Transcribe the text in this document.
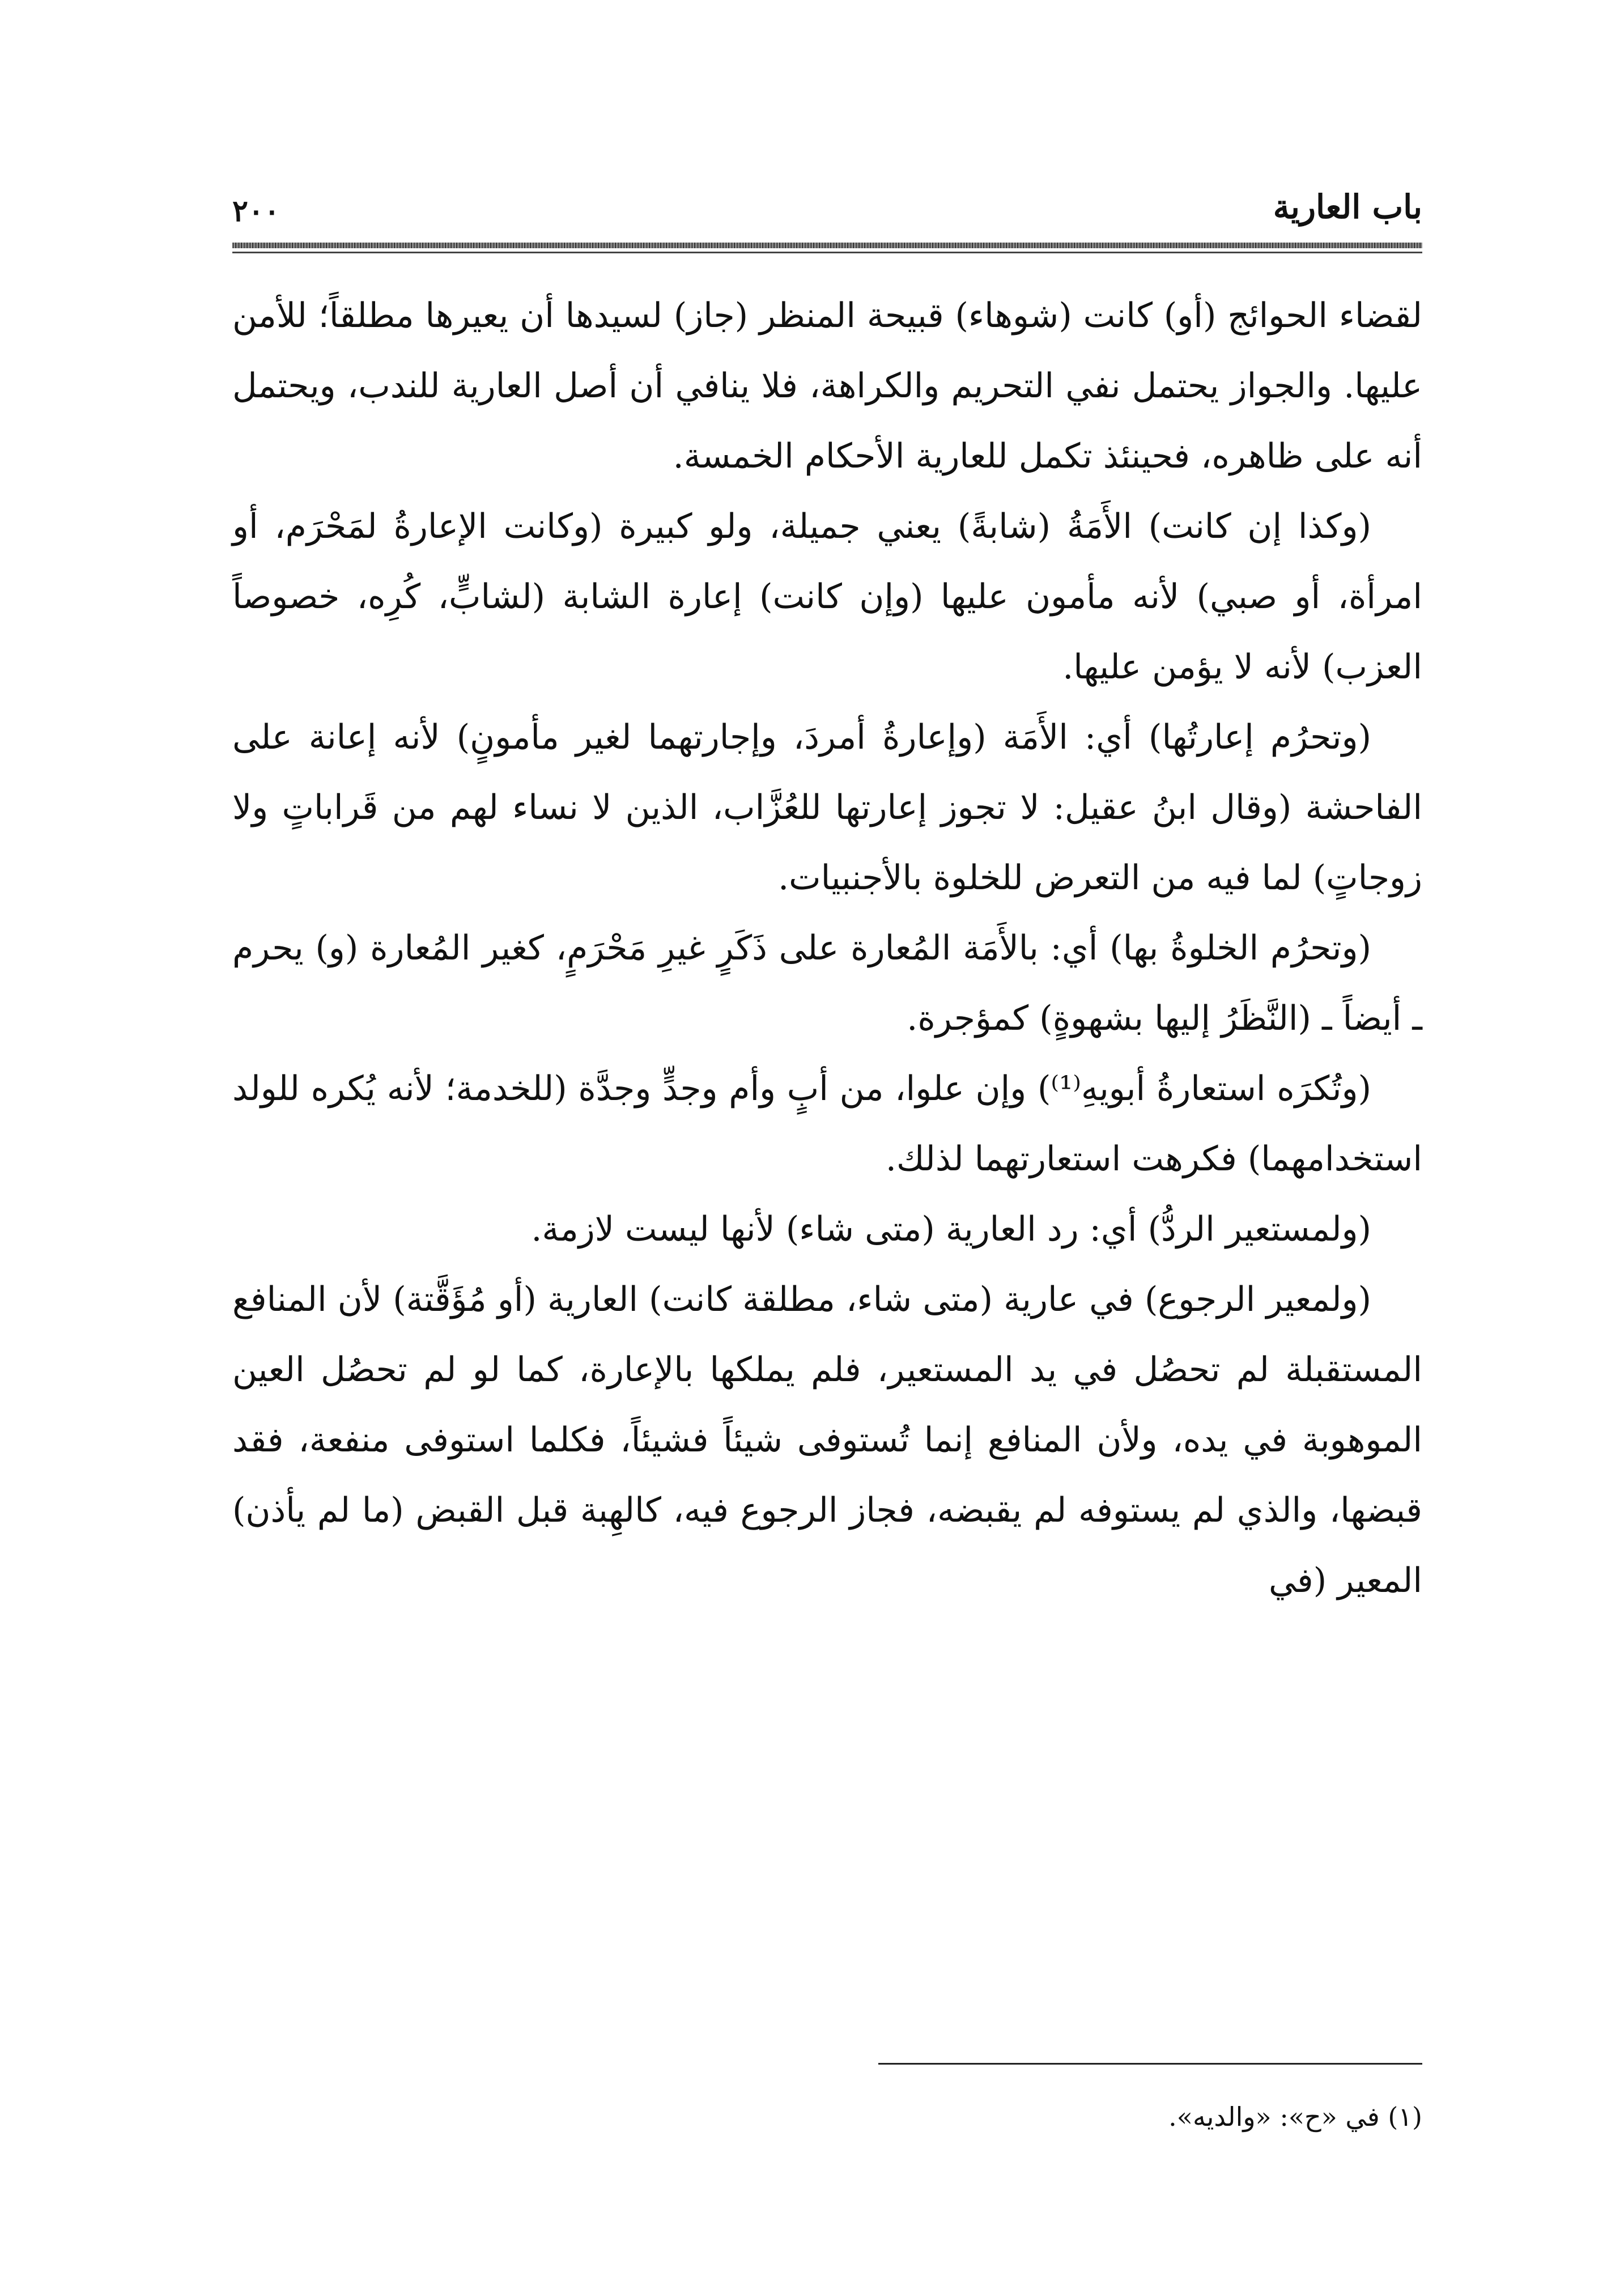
باب العارية
٢٠٠

لقضاء الحوائج (أو) كانت (شوهاء) قبيحة المنظر (جاز) لسيدها أن يعيرها مطلقاً؛ للأمن عليها. والجواز يحتمل نفي التحريم والكراهة، فلا ينافي أن أصل العارية للندب، ويحتمل أنه على ظاهره، فحينئذ تكمل للعارية الأحكام الخمسة.

(وكذا إن كانت) الأَمَةُ (شابةً) يعني جميلة، ولو كبيرة (وكانت الإعارةُ لمَحْرَم، أو امرأة، أو صبي) لأنه مأمون عليها (وإن كانت) إعارة الشابة (لشابٍّ، كُرِه، خصوصاً العزب) لأنه لا يؤمن عليها.

(وتحرُم إعارتُها) أي: الأَمَة (وإعارةُ أمردَ، وإجارتهما لغير مأمونٍ) لأنه إعانة على الفاحشة (وقال ابنُ عقيل: لا تجوز إعارتها للعُزَّاب، الذين لا نساء لهم من قَراباتٍ ولا زوجاتٍ) لما فيه من التعرض للخلوة بالأجنبيات.

(وتحرُم الخلوةُ بها) أي: بالأَمَة المُعارة على ذَكَرٍ غيرِ مَحْرَمٍ، كغير المُعارة (و) يحرم ـ أيضاً ـ (النَّظَرُ إليها بشهوةٍ) كمؤجرة.

(وتُكرَه استعارةُ أبويهِ⁽¹⁾) وإن علوا، من أبٍ وأم وجدٍّ وجدَّة (للخدمة؛ لأنه يُكره للولد استخدامهما) فكرهت استعارتهما لذلك.

(ولمستعير الردُّ) أي: رد العارية (متى شاء) لأنها ليست لازمة.

(ولمعير الرجوع) في عارية (متى شاء، مطلقة كانت) العارية (أو مُؤَقَّتة) لأن المنافع المستقبلة لم تحصُل في يد المستعير، فلم يملكها بالإعارة، كما لو لم تحصُل العين الموهوبة في يده، ولأن المنافع إنما تُستوفى شيئاً فشيئاً، فكلما استوفى منفعة، فقد قبضها، والذي لم يستوفه لم يقبضه، فجاز الرجوع فيه، كالهِبة قبل القبض (ما لم يأذن) المعير (في

(١) في «ح»: «والديه».
